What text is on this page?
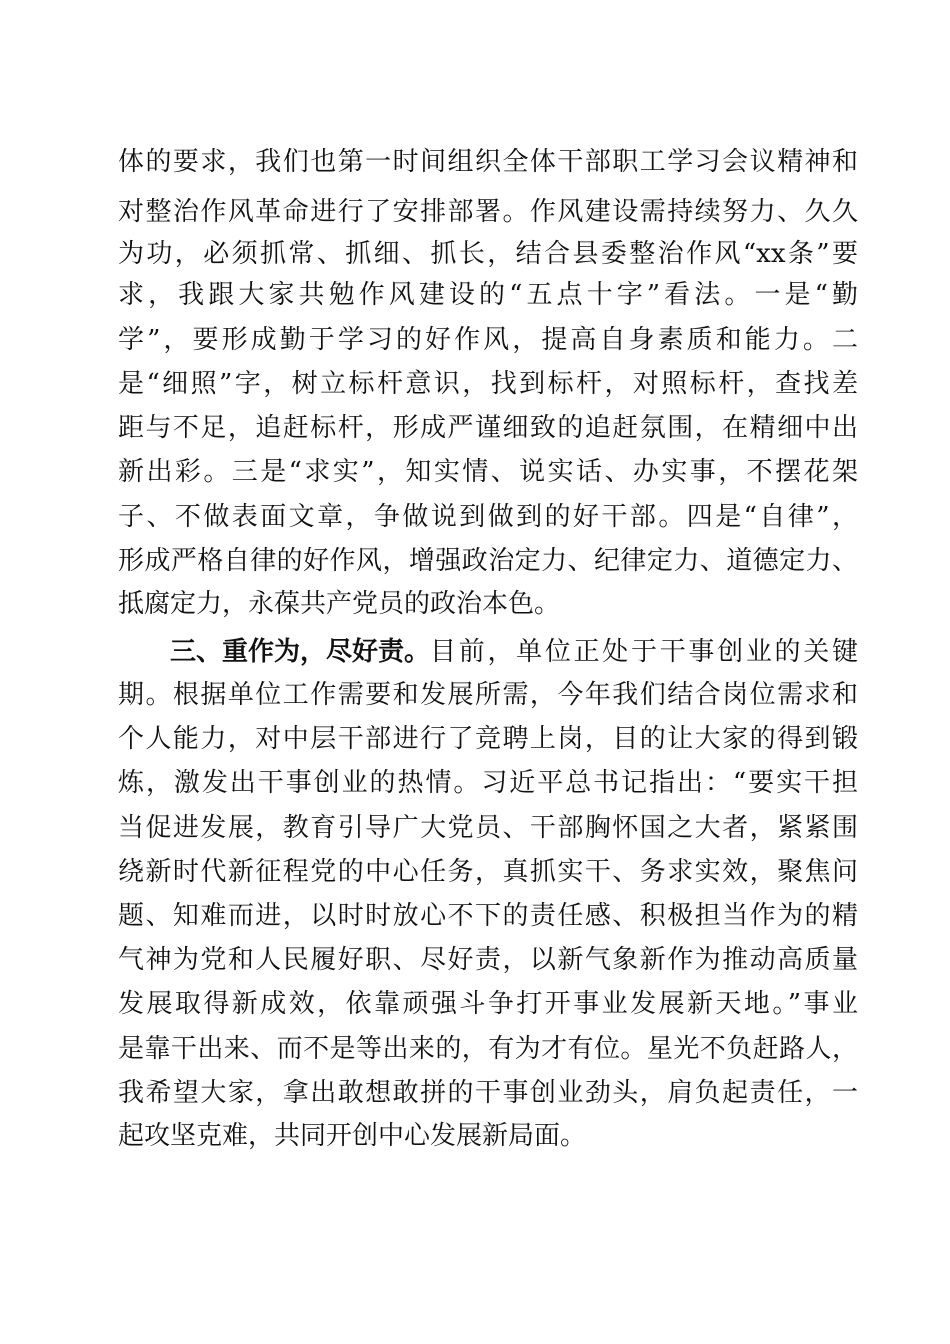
体的要求，我们也第一时间组织全体干部职工学习会议精神和
对整治作风革命进行了安排部署。作风建设需持续努力、久久
为功，必须抓常、抓细、抓长，结合县委整治作风“xx条”要
求，我跟大家共勉作风建设的“五点十字”看法。一是“勤
学”，要形成勤于学习的好作风，提高自身素质和能力。二
是“细照”字，树立标杆意识，找到标杆，对照标杆，查找差
距与不足，追赶标杆，形成严谨细致的追赶氛围，在精细中出
新出彩。三是“求实”，知实情、说实话、办实事，不摆花架
子、不做表面文章，争做说到做到的好干部。四是“自律”，
形成严格自律的好作风，增强政治定力、纪律定力、道德定力、
抵腐定力，永葆共产党员的政治本色。
三、重作为，尽好责。 目前，单位正处于干事创业的关键
期。根据单位工作需要和发展所需，今年我们结合岗位需求和
个人能力，对中层干部进行了竞聘上岗，目的让大家的得到锻
炼，激发出干事创业的热情。习近平总书记指出：“要实干担
当促进发展，教育引导广大党员、干部胸怀国之大者，紧紧围
绕新时代新征程党的中心任务，真抓实干、务求实效，聚焦问
题、知难而进，以时时放心不下的责任感、积极担当作为的精
气神为党和人民履好职、尽好责，以新气象新作为推动高质量
发展取得新成效，依靠顽强斗争打开事业发展新天地。”事业
是靠干出来、而不是等出来的，有为才有位。星光不负赶路人，
我希望大家，拿出敢想敢拼的干事创业劲头，肩负起责任，一
起攻坚克难，共同开创中心发展新局面。
